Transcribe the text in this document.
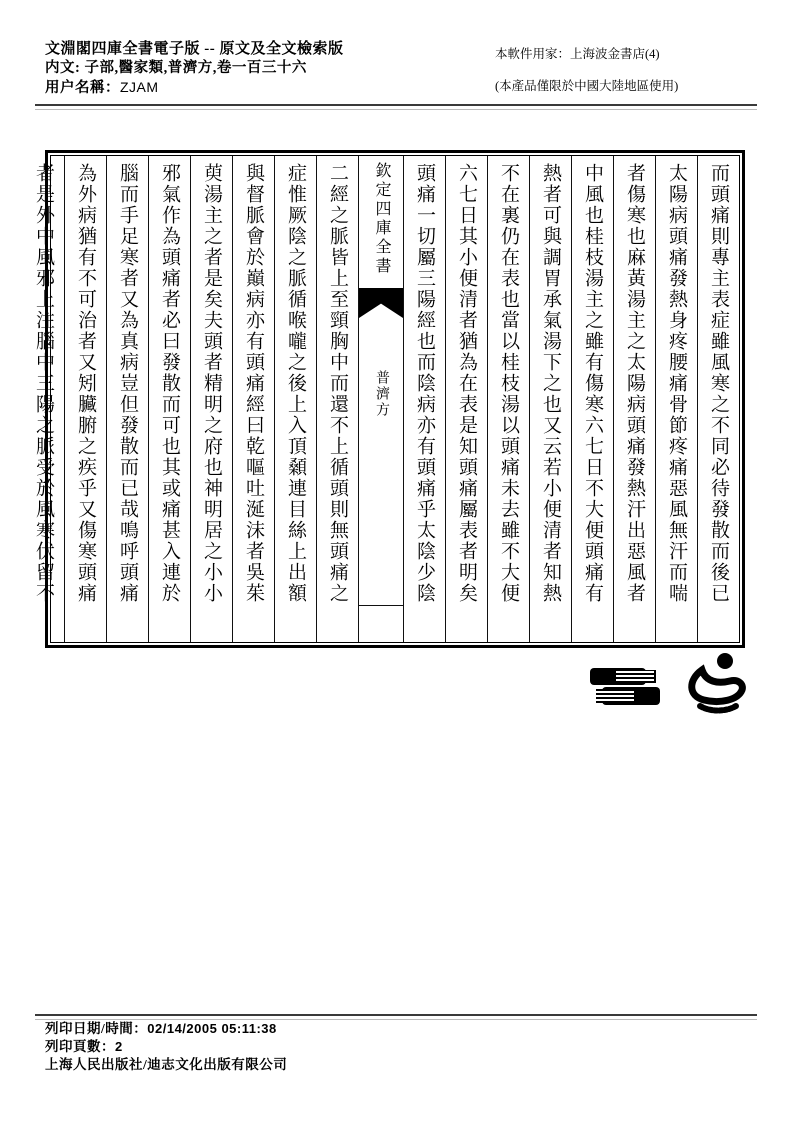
文淵閣四庫全書電子版 -- 原文及全文檢索版
内文: 子部,醫家類,普濟方,卷一百三十六
用户名稱：ZJAM
本軟件用家：上海波金書店(4)
(本產品僅限於中國大陸地區使用)
而頭痛則專主表症雖風寒之不同必待發散而後已
太陽病頭痛發熱身疼腰痛骨節疼痛惡風無汗而喘
者傷寒也麻黃湯主之太陽病頭痛發熱汗出惡風者
中風也桂枝湯主之雖有傷寒六七日不大便頭痛有
熱者可與調胃承氣湯下之也又云若小便清者知熱
不在裏仍在表也當以桂枝湯以頭痛未去雖不大便
六七日其小便清者猶為在表是知頭痛屬表者明矣
頭痛一切屬三陽經也而陰病亦有頭痛乎太陰少陰
欽定四庫全書
普濟方
二經之脈皆上至頸胸中而還不上循頭則無頭痛之
症惟厥陰之脈循喉嚨之後上入頂顙連目絲上出額
與督脈會於巔病亦有頭痛經曰乾嘔吐涎沫者吳茱
萸湯主之者是矣夫頭者精明之府也神明居之小小
邪氣作為頭痛者必曰發散而可也其或痛甚入連於
腦而手足寒者又為真病豈但發散而已哉鳴呼頭痛
為外病猶有不可治者又矧臟腑之疾乎又傷寒頭痛
者是外中風邪上注腦中三陽之脈受於風寒伏留不
列印日期/時間：02/14/2005 05:11:38
列印頁數：2
上海人民出版社/迪志文化出版有限公司
